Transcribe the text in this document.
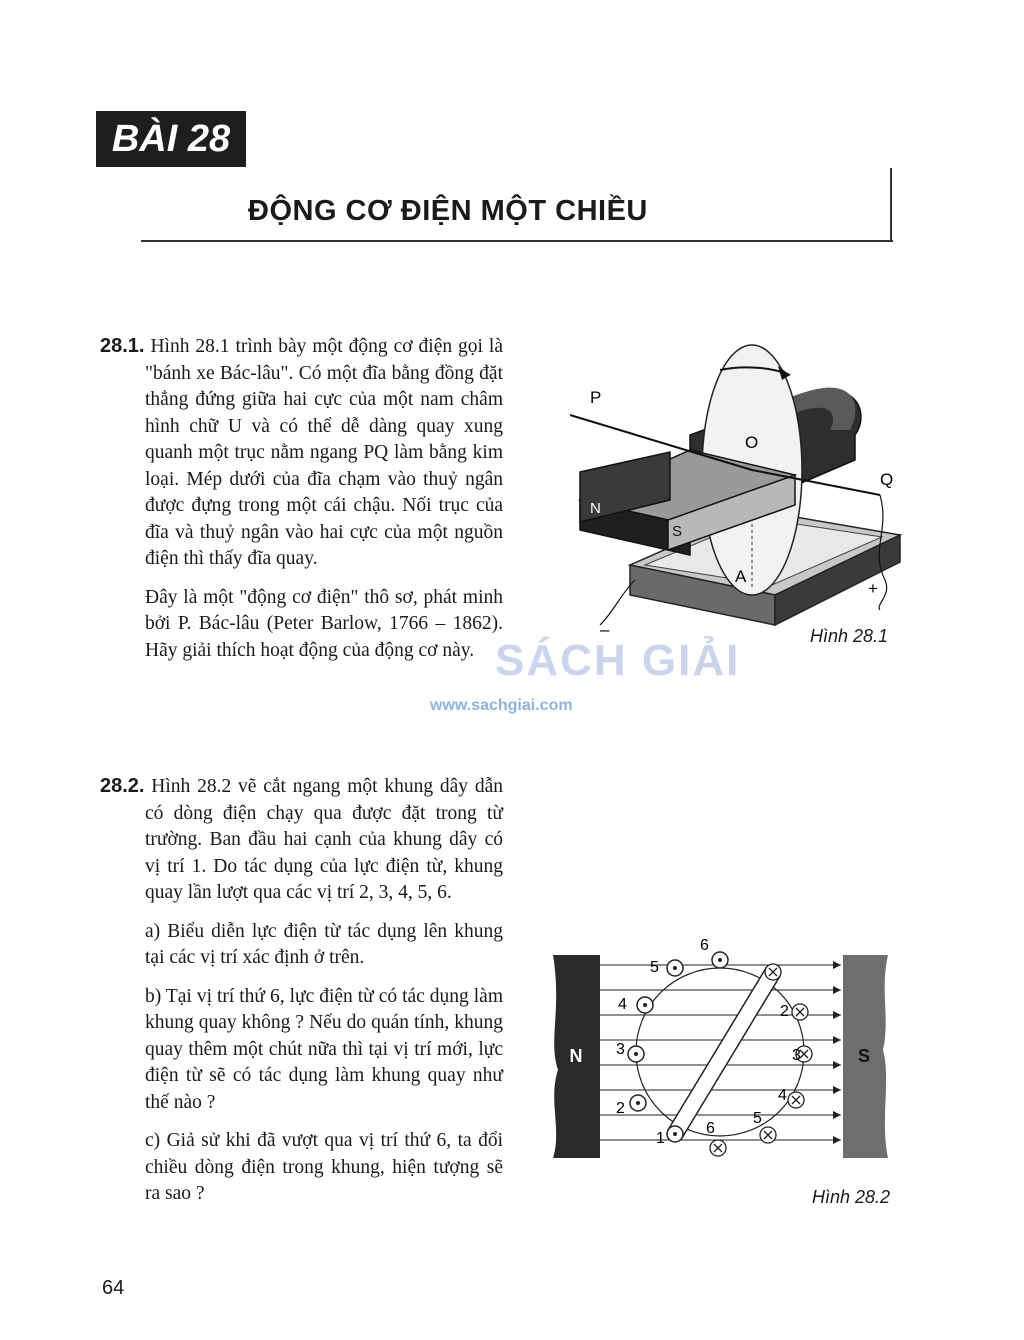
BÀI 28
ĐỘNG CƠ ĐIỆN MỘT CHIỀU
28.1. Hình 28.1 trình bày một động cơ điện gọi là "bánh xe Bác-lâu". Có một đĩa bằng đồng đặt thẳng đứng giữa hai cực của một nam châm hình chữ U và có thể dễ dàng quay xung quanh một trục nằm ngang PQ làm bằng kim loại. Mép dưới của đĩa chạm vào thuỷ ngân được đựng trong một cái chậu. Nối trục của đĩa và thuỷ ngân vào hai cực của một nguồn điện thì thấy đĩa quay.
Đây là một "động cơ điện" thô sơ, phát minh bởi P. Bác-lâu (Peter Barlow, 1766 – 1862). Hãy giải thích hoạt động của động cơ này.
P
Q
O
A
N
S
+
–	Hình 28.1
SÁCH GIẢI
www.sachgiai.com
28.2. Hình 28.2 vẽ cắt ngang một khung dây dẫn có dòng điện chạy qua được đặt trong từ trường. Ban đầu hai cạnh của khung dây có vị trí 1. Do tác dụng của lực điện từ, khung quay lần lượt qua các vị trí 2, 3, 4, 5, 6.
a) Biểu diễn lực điện từ tác dụng lên khung tại các vị trí xác định ở trên.
b) Tại vị trí thứ 6, lực điện từ có tác dụng làm khung quay không ? Nếu do quán tính, khung quay thêm một chút nữa thì tại vị trí mới, lực điện từ sẽ có tác dụng làm khung quay như thế nào ?
c) Giả sử khi đã vượt qua vị trí thứ 6, ta đổi chiều dòng điện trong khung, hiện tượng sẽ ra sao ?
N	S
1
2
3
4
5
6
2
3
4
5
6
Hình 28.2
64
